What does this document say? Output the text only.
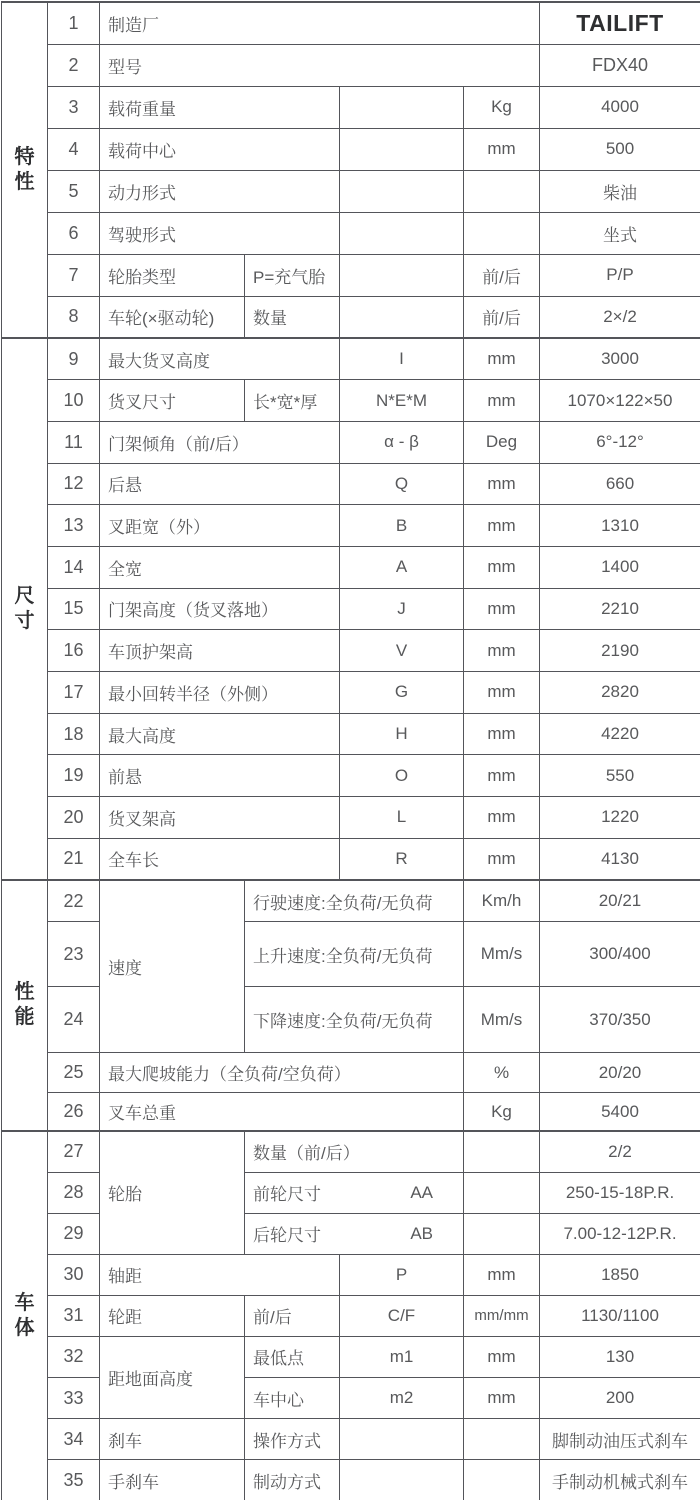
特性	1	制造厂				TAILIFT
	2	型号				FDX40
	3	载荷重量			Kg	4000
	4	载荷中心			mm	500
	5	动力形式				柴油
	6	驾驶形式				坐式
	7	轮胎类型	P=充气胎		前/后	P/P
	8	车轮(×驱动轮)	数量		前/后	2×/2

尺寸	9	最大货叉高度		I	mm	3000
	10	货叉尺寸	长*宽*厚	N*E*M	mm	1070×122×50
	11	门架倾角（前/后）		α - β	Deg	6°-12°
	12	后悬		Q	mm	660
	13	叉距宽（外）		B	mm	1310
	14	全宽		A	mm	1400
	15	门架高度（货叉落地）		J	mm	2210
	16	车顶护架高		V	mm	2190
	17	最小回转半径（外侧）		G	mm	2820
	18	最大高度		H	mm	4220
	19	前悬		O	mm	550
	20	货叉架高		L	mm	1220
	21	全车长		R	mm	4130

性能	22	速度	行驶速度:全负荷/无负荷		Km/h	20/21
	23		上升速度:全负荷/无负荷		Mm/s	300/400
	24		下降速度:全负荷/无负荷		Mm/s	370/350
	25	最大爬坡能力（全负荷/空负荷）			%	20/20
	26	叉车总重			Kg	5400

车体	27	轮胎	数量（前/后）			2/2
	28		前轮尺寸 AA			250-15-18P.R.
	29		后轮尺寸 AB			7.00-12-12P.R.
	30	轴距		P	mm	1850
	31	轮距	前/后	C/F	mm/mm	1130/1100
	32	距地面高度	最低点	m1	mm	130
	33		车中心	m2	mm	200
	34	刹车	操作方式			脚制动油压式刹车
	35	手刹车	制动方式			手制动机械式刹车
